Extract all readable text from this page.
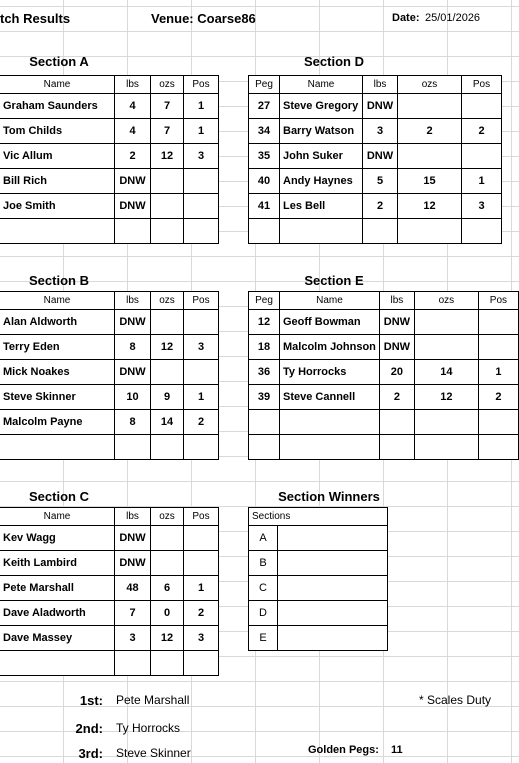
tch Results	Venue: Coarse86	Date: 25/01/2026
Section A
Name	lbs	ozs	Pos
Graham Saunders	4	7	1
Tom Childs	4	7	1
Vic Allum	2	12	3
Bill Rich	DNW		
Joe Smith	DNW		

Section D
Peg	Name	lbs	ozs	Pos
27	Steve Gregory	DNW		
34	Barry Watson	3	2	2
35	John Suker	DNW		
40	Andy Haynes	5	15	1
41	Les Bell	2	12	3

Section B
Name	lbs	ozs	Pos
Alan Aldworth	DNW		
Terry Eden	8	12	3
Mick Noakes	DNW		
Steve Skinner	10	9	1
Malcolm Payne	8	14	2

Section E
Peg	Name	lbs	ozs	Pos
12	Geoff Bowman	DNW		
18	Malcolm Johnson	DNW		
36	Ty Horrocks	20	14	1
39	Steve Cannell	2	12	2

Section C
Name	lbs	ozs	Pos
Kev Wagg	DNW		
Keith Lambird	DNW		
Pete Marshall	48	6	1
Dave Aladworth	7	0	2
Dave Massey	3	12	3

Section Winners
Sections	
A	
B	
C	
D	
E	
1st: Pete Marshall
2nd: Ty Horrocks
3rd: Steve Skinner
* Scales Duty
Golden Pegs: 11
